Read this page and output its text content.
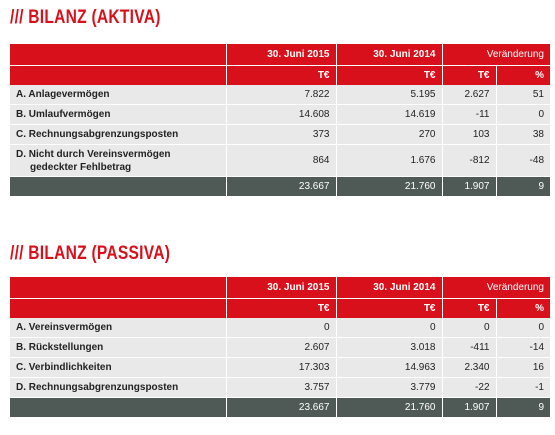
/// BILANZ (AKTIVA)
	30. Juni 2015	30. Juni 2014	Veränderung	
	T€	T€	T€	%
A. Anlagevermögen	7.822	5.195	2.627	51
B. Umlaufvermögen	14.608	14.619	-11	0
C. Rechnungsabgrenzungsposten	373	270	103	38
D. Nicht durch Vereinsvermögen
gedeckter Fehlbetrag	864	1.676	-812	-48
	23.667	21.760	1.907	9
/// BILANZ (PASSIVA)
	30. Juni 2015	30. Juni 2014	Veränderung	
	T€	T€	T€	%
A. Vereinsvermögen	0	0	0	0
B. Rückstellungen	2.607	3.018	-411	-14
C. Verbindlichkeiten	17.303	14.963	2.340	16
D. Rechnungsabgrenzungsposten	3.757	3.779	-22	-1
	23.667	21.760	1.907	9
